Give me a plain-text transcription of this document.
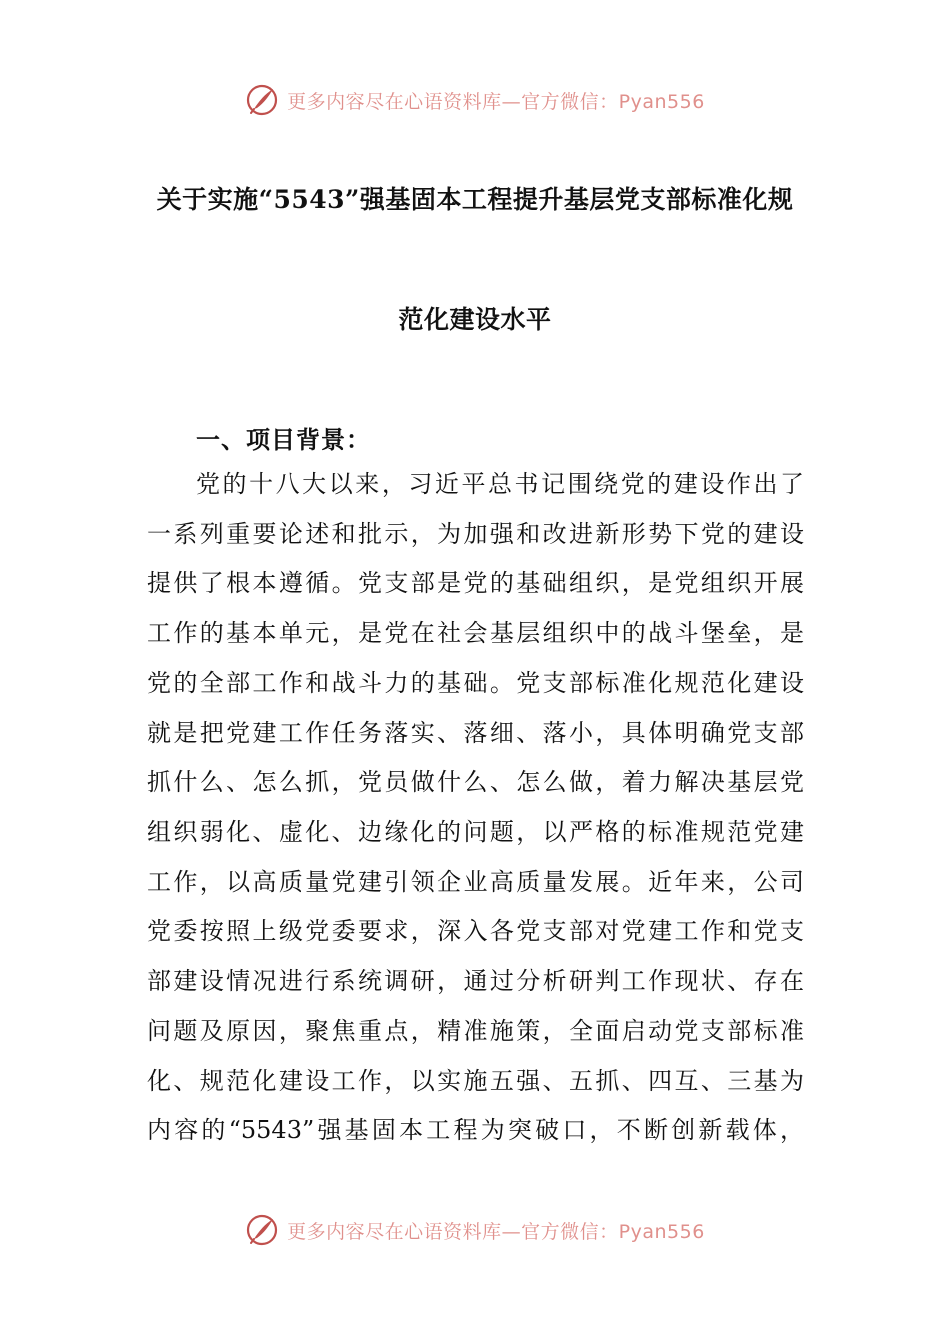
更多内容尽在心语资料库—官方微信：Pyan556
关于实施“5543”强基固本工程提升基层党支部标准化规
范化建设水平
一、项目背景：
党的十八大以来，习近平总书记围绕党的建设作出了
一系列重要论述和批示，为加强和改进新形势下党的建设
提供了根本遵循。党支部是党的基础组织，是党组织开展
工作的基本单元，是党在社会基层组织中的战斗堡垒，是
党的全部工作和战斗力的基础。党支部标准化规范化建设
就是把党建工作任务落实、落细、落小，具体明确党支部
抓什么、怎么抓，党员做什么、怎么做，着力解决基层党
组织弱化、虚化、边缘化的问题，以严格的标准规范党建
工作，以高质量党建引领企业高质量发展。近年来，公司
党委按照上级党委要求，深入各党支部对党建工作和党支
部建设情况进行系统调研，通过分析研判工作现状、存在
问题及原因，聚焦重点，精准施策，全面启动党支部标准
化、规范化建设工作，以实施五强、五抓、四互、三基为
内容的“5543”强基固本工程为突破口，不断创新载体，
更多内容尽在心语资料库—官方微信：Pyan556
